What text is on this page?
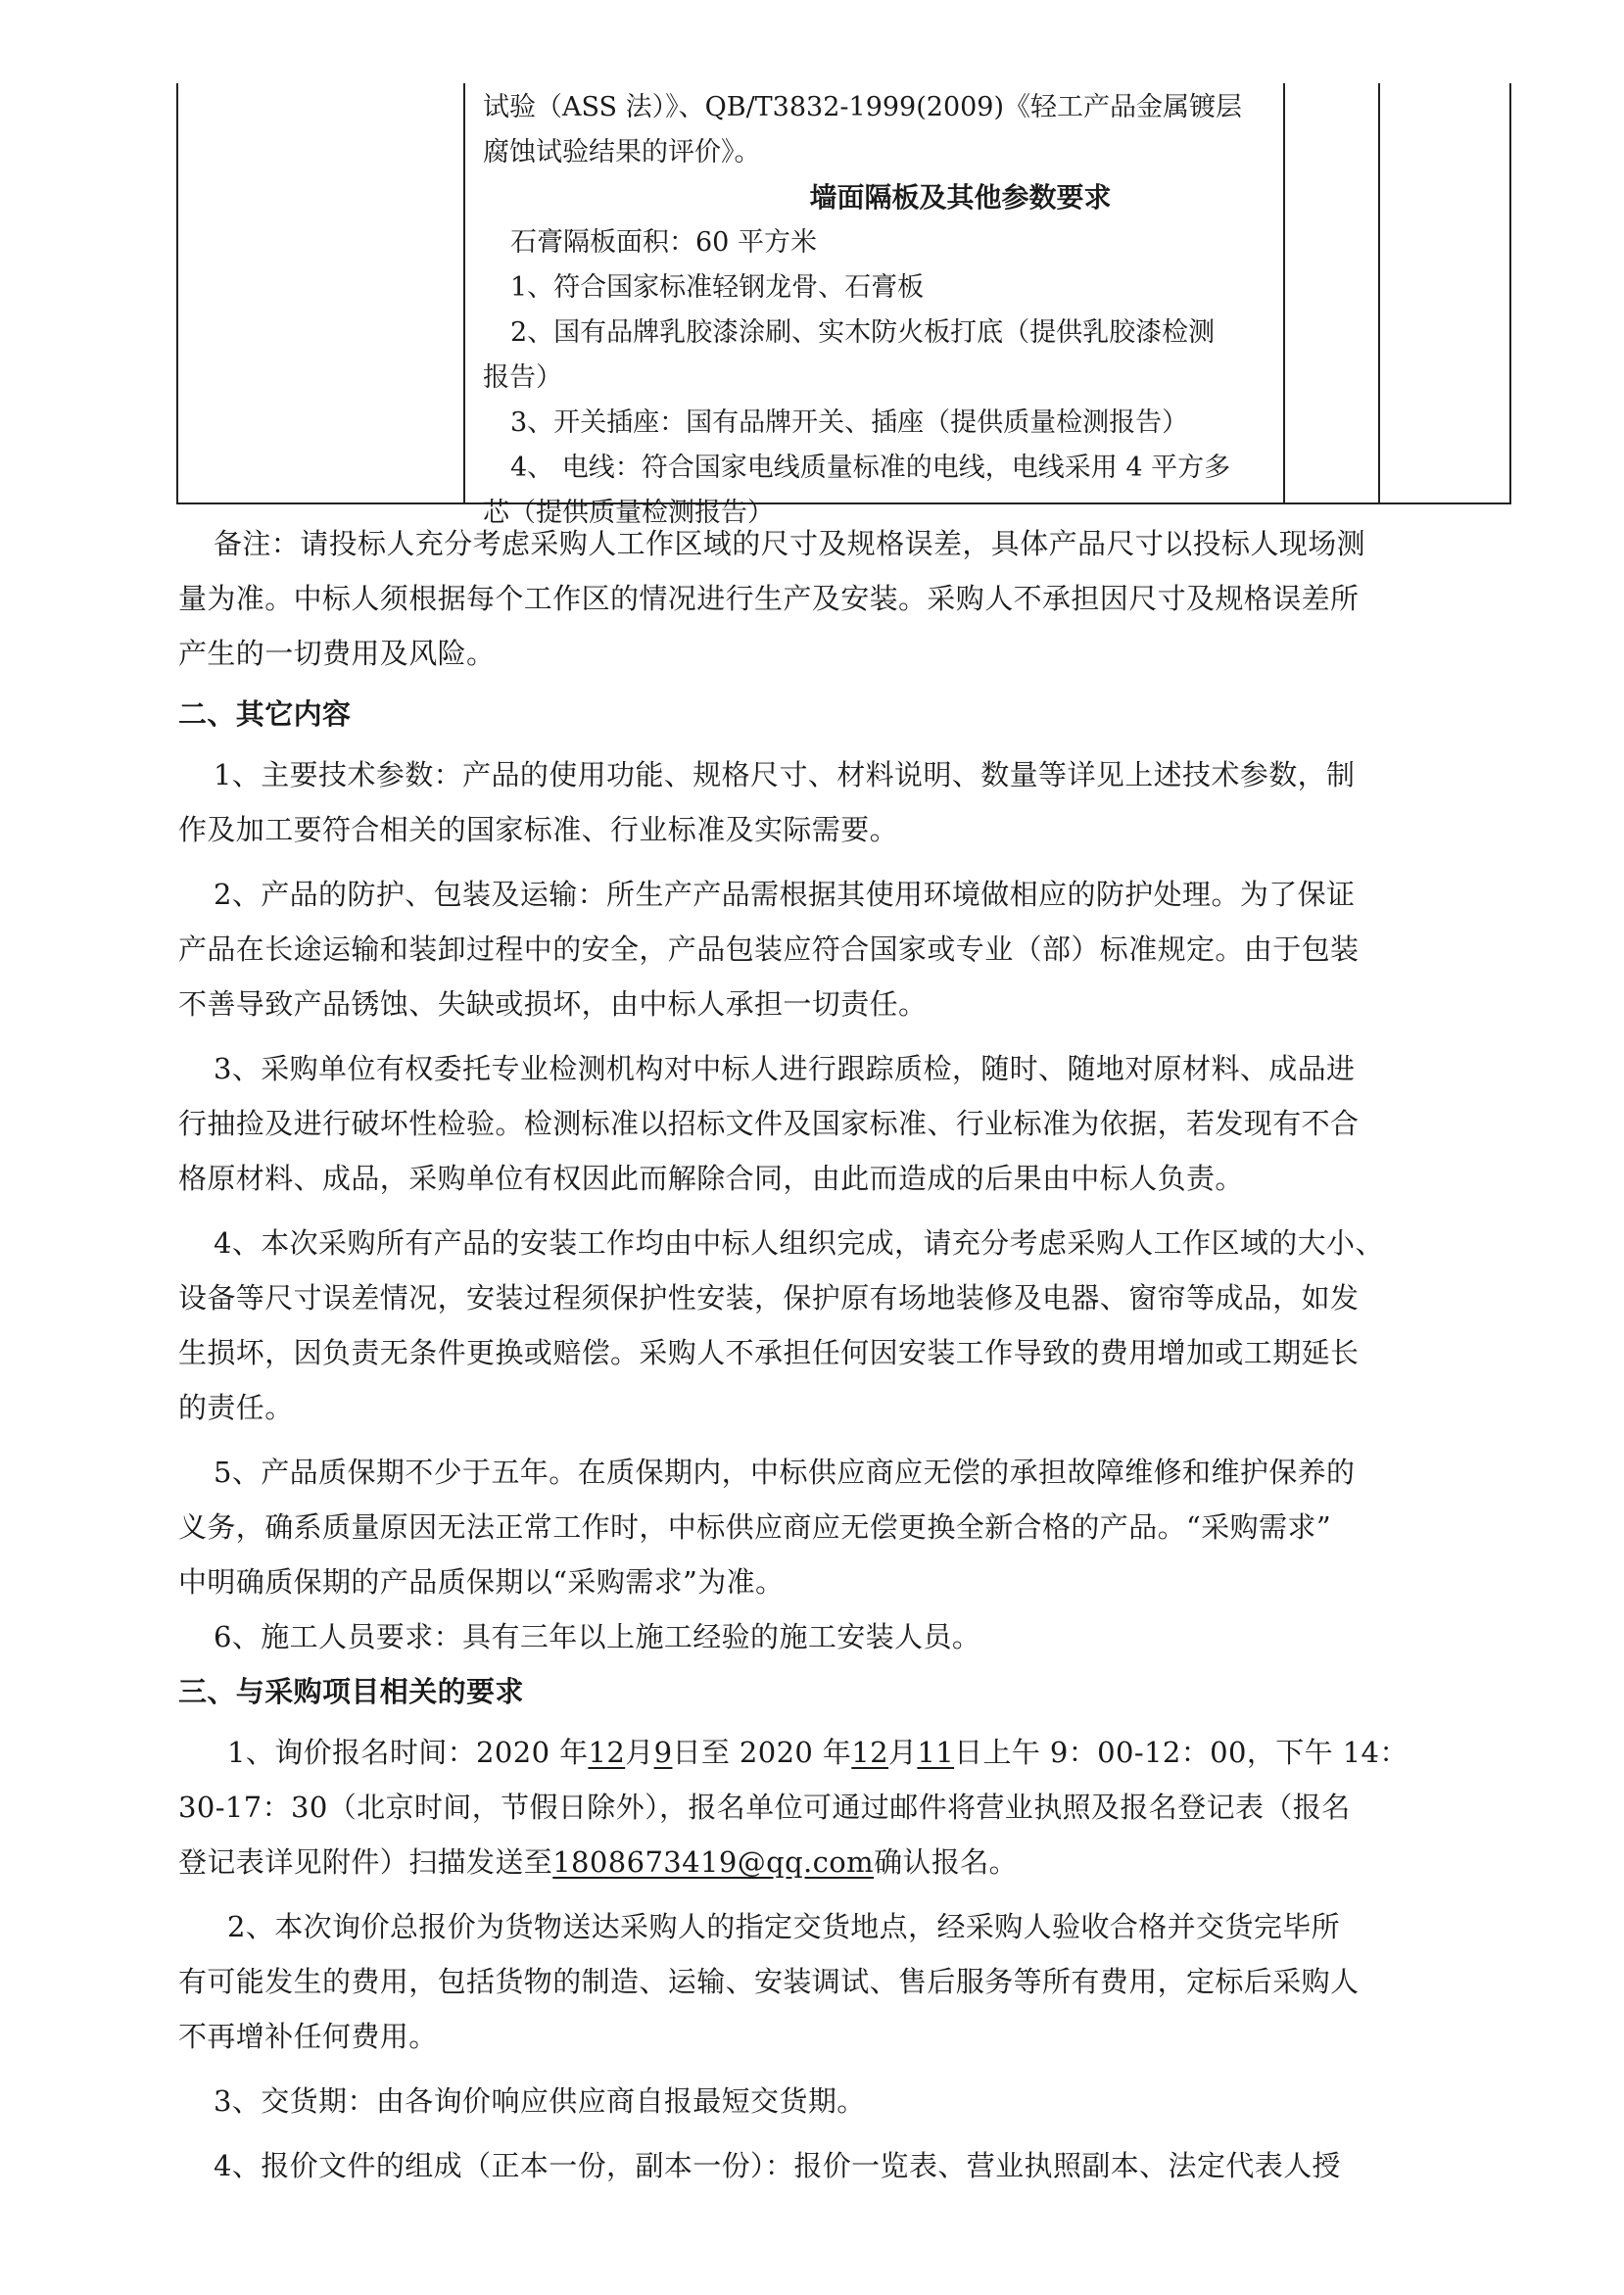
试验（ASS 法）》、QB/T3832-1999(2009)《轻工产品金属镀层
腐蚀试验结果的评价》。
墙面隔板及其他参数要求
石膏隔板面积：60 平方米
1、符合国家标准轻钢龙骨、石膏板
2、国有品牌乳胶漆涂刷、实木防火板打底（提供乳胶漆检测
报告）
3、开关插座：国有品牌开关、插座（提供质量检测报告）
4、 电线：符合国家电线质量标准的电线，电线采用 4 平方多
芯（提供质量检测报告）
备注：请投标人充分考虑采购人工作区域的尺寸及规格误差，具体产品尺寸以投标人现场测
量为准。中标人须根据每个工作区的情况进行生产及安装。采购人不承担因尺寸及规格误差所
产生的一切费用及风险。
二、其它内容
1、主要技术参数：产品的使用功能、规格尺寸、材料说明、数量等详见上述技术参数，制
作及加工要符合相关的国家标准、行业标准及实际需要。
2、产品的防护、包装及运输：所生产产品需根据其使用环境做相应的防护处理。为了保证
产品在长途运输和装卸过程中的安全，产品包装应符合国家或专业（部）标准规定。由于包装
不善导致产品锈蚀、失缺或损坏，由中标人承担一切责任。
3、采购单位有权委托专业检测机构对中标人进行跟踪质检，随时、随地对原材料、成品进
行抽捡及进行破坏性检验。检测标准以招标文件及国家标准、行业标准为依据，若发现有不合
格原材料、成品，采购单位有权因此而解除合同，由此而造成的后果由中标人负责。
4、本次采购所有产品的安装工作均由中标人组织完成，请充分考虑采购人工作区域的大小、
设备等尺寸误差情况，安装过程须保护性安装，保护原有场地装修及电器、窗帘等成品，如发
生损坏，因负责无条件更换或赔偿。采购人不承担任何因安装工作导致的费用增加或工期延长
的责任。
5、产品质保期不少于五年。在质保期内，中标供应商应无偿的承担故障维修和维护保养的
义务，确系质量原因无法正常工作时，中标供应商应无偿更换全新合格的产品。“采购需求”
中明确质保期的产品质保期以“采购需求”为准。
6、施工人员要求：具有三年以上施工经验的施工安装人员。
三、与采购项目相关的要求
1、询价报名时间：2020 年12月9日至 2020 年12月11日上午 9：00-12：00，下午 14：
30-17：30（北京时间，节假日除外），报名单位可通过邮件将营业执照及报名登记表（报名
登记表详见附件）扫描发送至1808673419@qq.com确认报名。
2、本次询价总报价为货物送达采购人的指定交货地点，经采购人验收合格并交货完毕所
有可能发生的费用，包括货物的制造、运输、安装调试、售后服务等所有费用，定标后采购人
不再增补任何费用。
3、交货期：由各询价响应供应商自报最短交货期。
4、报价文件的组成（正本一份，副本一份）：报价一览表、营业执照副本、法定代表人授
